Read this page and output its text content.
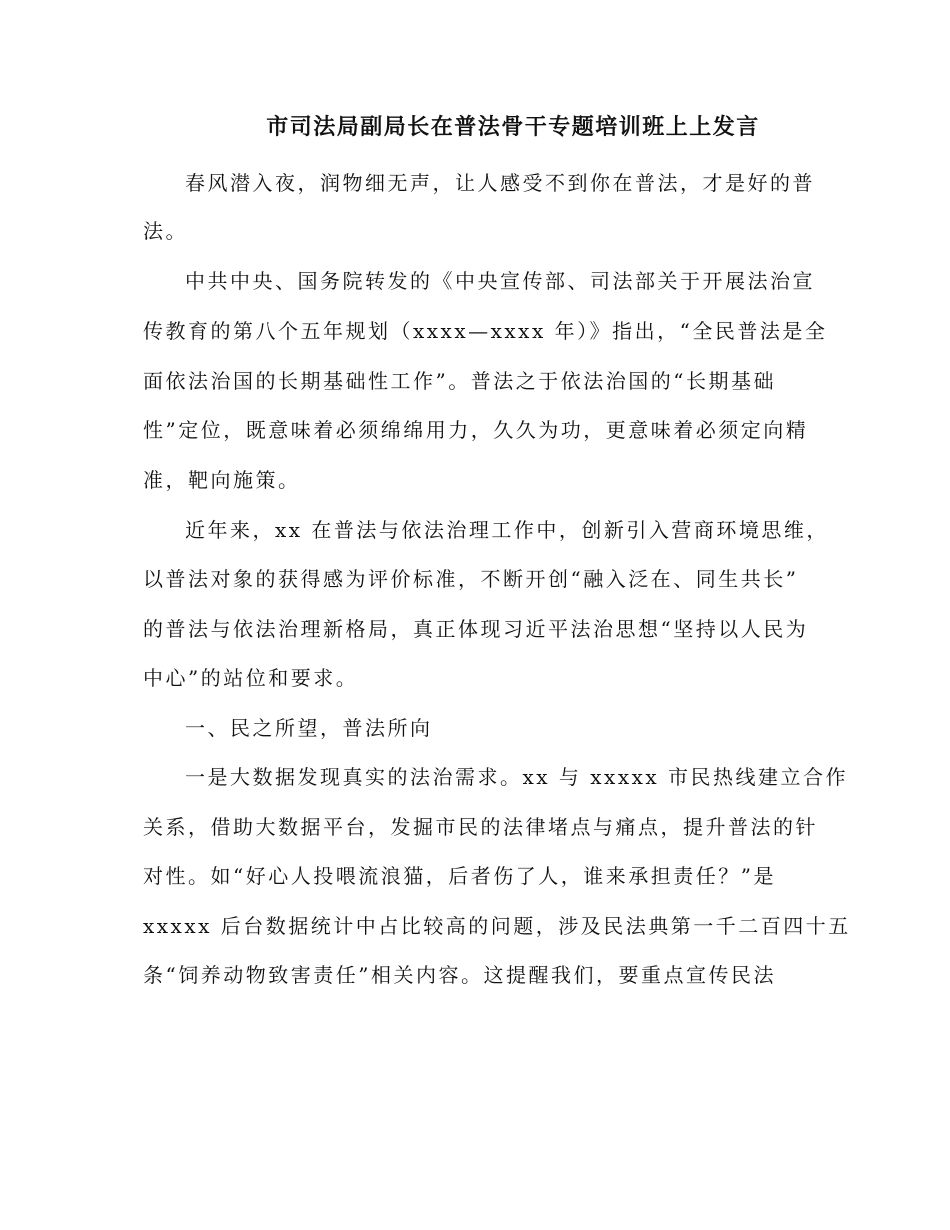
市司法局副局长在普法骨干专题培训班上上发言
春风潜入夜，润物细无声，让人感受不到你在普法，才是好的普
法。
中共中央、国务院转发的《中央宣传部、司法部关于开展法治宣
传教育的第八个五年规划（xxxx—xxxx 年）》指出，“全民普法是全
面依法治国的长期基础性工作”。普法之于依法治国的“长期基础
性”定位，既意味着必须绵绵用力，久久为功，更意味着必须定向精
准，靶向施策。
近年来，xx 在普法与依法治理工作中，创新引入营商环境思维，
以普法对象的获得感为评价标准，不断开创“融入泛在、同生共长”
的普法与依法治理新格局，真正体现习近平法治思想“坚持以人民为
中心”的站位和要求。
一、民之所望，普法所向
一是大数据发现真实的法治需求。xx 与 xxxxx 市民热线建立合作
关系，借助大数据平台，发掘市民的法律堵点与痛点，提升普法的针
对性。如“好心人投喂流浪猫，后者伤了人，谁来承担责任？”是
xxxxx 后台数据统计中占比较高的问题，涉及民法典第一千二百四十五
条“饲养动物致害责任”相关内容。这提醒我们，要重点宣传民法
